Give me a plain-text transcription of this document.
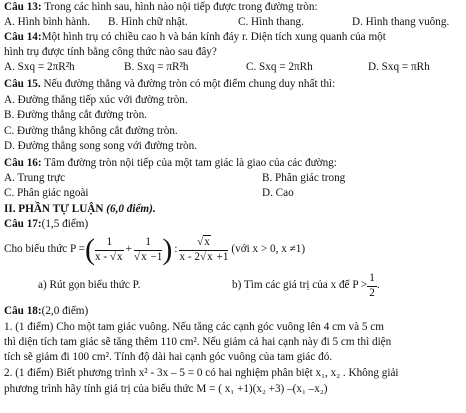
Câu 13: Trong các hình sau, hình nào nội tiếp được trong đường tròn:
A. Hình bình hành. B. Hình chữ nhật.	C. Hình thang.	D. Hình thang vuông.
Câu 14:Một hình trụ có chiều cao h và bán kính đáy r. Diện tích xung quanh của một
hình trụ được tính bằng công thức nào sau đây?
A. Sxq = 2πR²h	B. Sxq = πR²h	C. Sxq = 2πRh	D. Sxq = πRh
Câu 15. Nếu đường thẳng và đường tròn có một điểm chung duy nhất thì:
A. Đường thẳng tiếp xúc với đường tròn.
B. Đường thẳng cắt đường tròn.
C. Đường thẳng không cắt đường tròn.
D. Đường thẳng song song với đường tròn.
Câu 16: Tâm đường tròn nội tiếp của một tam giác là giao của các đường:
A. Trung trực	B. Phân giác trong
C. Phân giác ngoài	D. Cao
II. PHẦN TỰ LUẬN (6,0 điểm).
Câu 17:(1,5 điểm)
Cho biểu thức P = ( $\frac{1}{x - √x} + \frac{1}{√x -1}$ ) : $\frac{√x}{x - 2√x +1}$ (với x > 0, x ≠1)
a) Rút gọn biểu thức P.	b) Tìm các giá trị của x để $P > \frac{1}{2}$ .
Câu 18:(2,0 điểm)
1. (1 điểm) Cho một tam giác vuông. Nếu tăng các cạnh góc vuông lên 4 cm và 5 cm
thì diện tích tam giác sẽ tăng thêm 110 cm². Nếu giảm cả hai cạnh này đi 5 cm thì diện
tích sẽ giảm đi 100 cm². Tính độ dài hai cạnh góc vuông của tam giác đó.
2. (1 điểm) Biết phương trình x² - 3x – 5 = 0 có hai nghiệm phân biệt x₁, x₂ . Không giải
phương trình hãy tính giá trị của biểu thức M = ( x₁ +1)(x₂ +3) –(x₁ –x₂)
